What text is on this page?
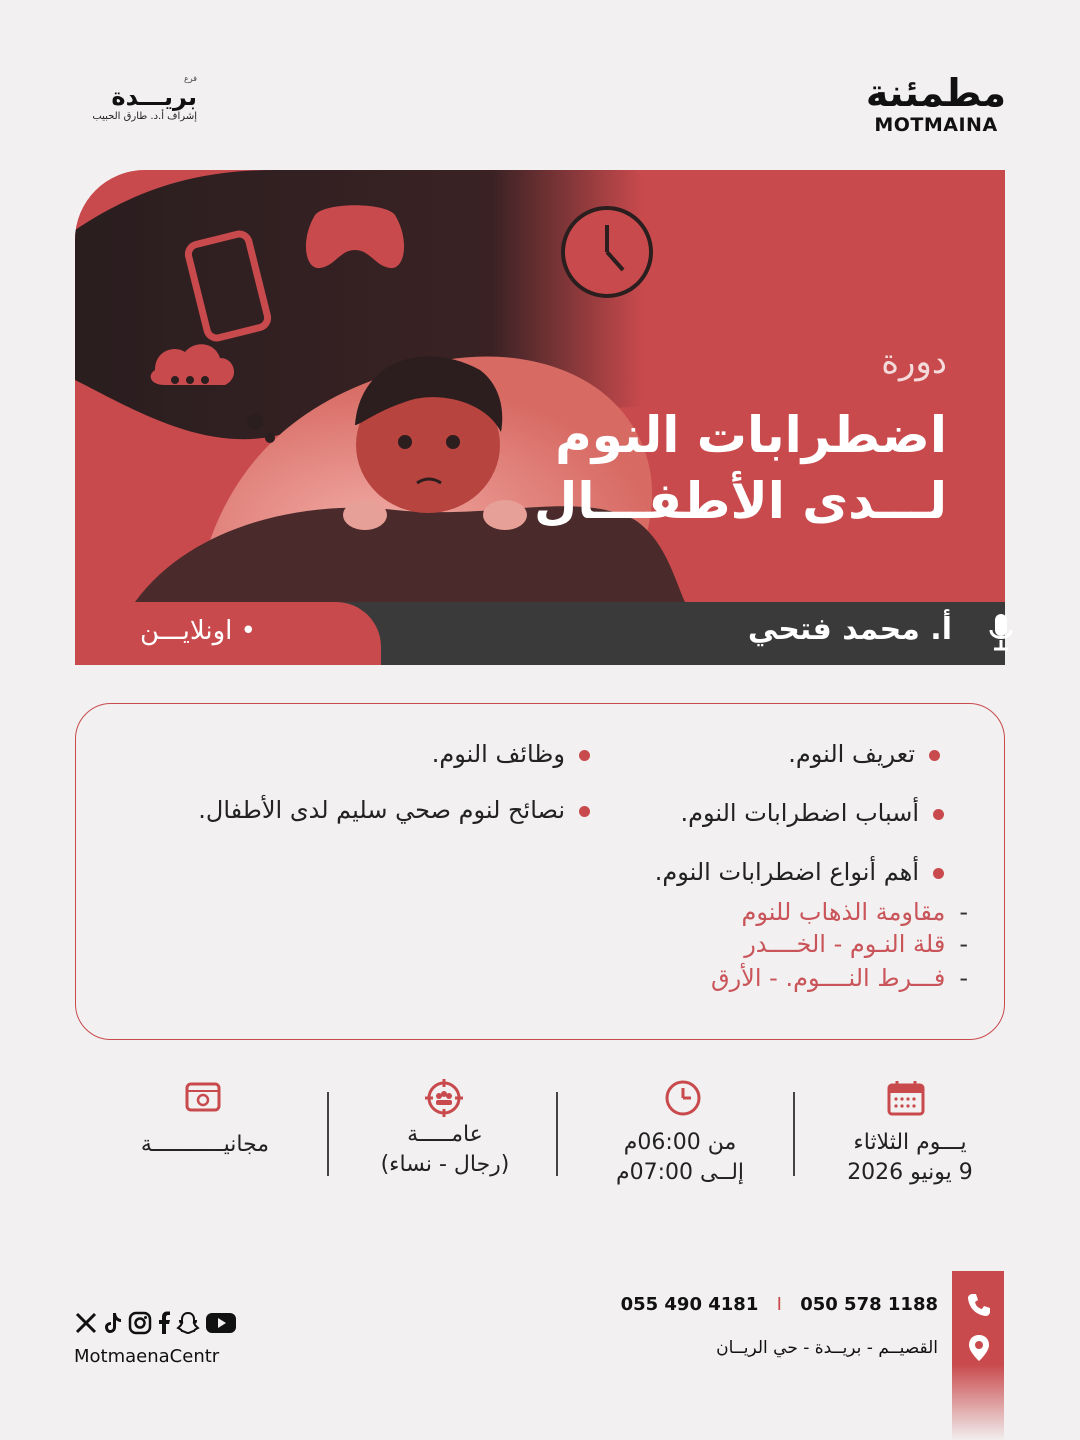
مطمئنة
MOTMAINA
فرع
بريـــدة
إشراف أ.د. طارق الحبيب
دورة
اضطرابات النوم
لـــدى الأطفـــال
• اونلايـــن	أ. محمد فتحي
تعريف النوم.
أسباب اضطرابات النوم.
أهم أنواع اضطرابات النوم.
-مقاومة الذهاب للنوم
-قلة النـوم - الخــــدر
-فـــرط النــــوم. - الأرق
وظائف النوم.
نصائح لنوم صحي سليم لدى الأطفال.
يـــوم الثلاثاء
9 يونيو 2026
من 06:00م
إلــى 07:00م
عامـــــة
(رجال - نساء)
مجانيـــــــــــة
055 490 4181 I 050 578 1188
القصيــم - بريــدة - حي الريــان
MotmaenaCentr
